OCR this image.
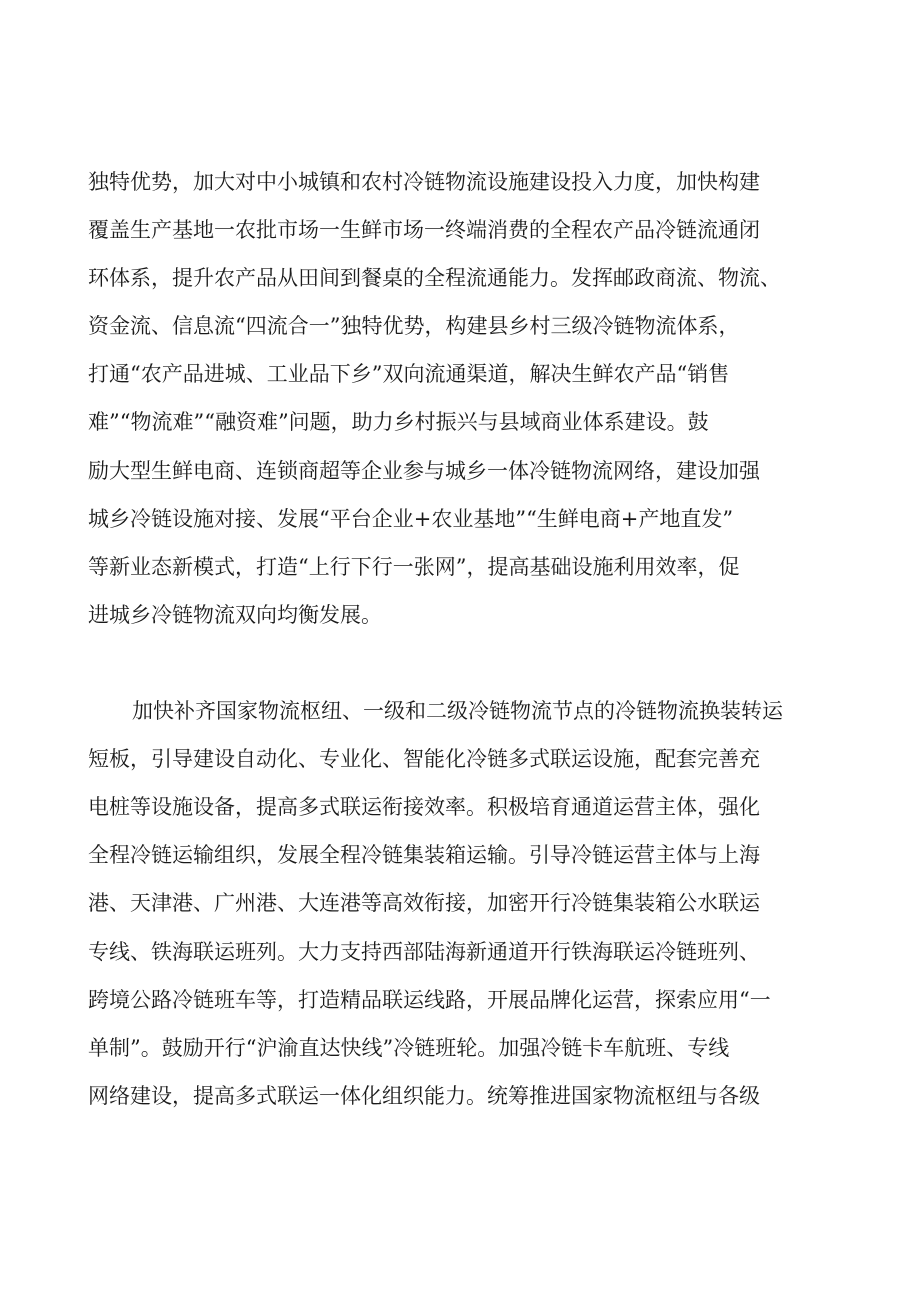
独特优势，加大对中小城镇和农村冷链物流设施建设投入力度，加快构建
覆盖生产基地一农批市场一生鲜市场一终端消费的全程农产品冷链流通闭
环体系，提升农产品从田间到餐桌的全程流通能力。发挥邮政商流、物流、
资金流、信息流“四流合一”独特优势，构建县乡村三级冷链物流体系，
打通“农产品进城、工业品下乡”双向流通渠道，解决生鲜农产品“销售
难”“物流难”“融资难”问题，助力乡村振兴与县域商业体系建设。鼓
励大型生鲜电商、连锁商超等企业参与城乡一体冷链物流网络，建设加强
城乡冷链设施对接、发展“平台企业+农业基地”“生鲜电商+产地直发”
等新业态新模式，打造“上行下行一张网”，提高基础设施利用效率，促
进城乡冷链物流双向均衡发展。
加快补齐国家物流枢纽、一级和二级冷链物流节点的冷链物流换装转运
短板，引导建设自动化、专业化、智能化冷链多式联运设施，配套完善充
电桩等设施设备，提高多式联运衔接效率。积极培育通道运营主体，强化
全程冷链运输组织，发展全程冷链集装箱运输。引导冷链运营主体与上海
港、天津港、广州港、大连港等高效衔接，加密开行冷链集装箱公水联运
专线、铁海联运班列。大力支持西部陆海新通道开行铁海联运冷链班列、
跨境公路冷链班车等，打造精品联运线路，开展品牌化运营，探索应用“一
单制”。鼓励开行“沪渝直达快线”冷链班轮。加强冷链卡车航班、专线
网络建设，提高多式联运一体化组织能力。统筹推进国家物流枢纽与各级
